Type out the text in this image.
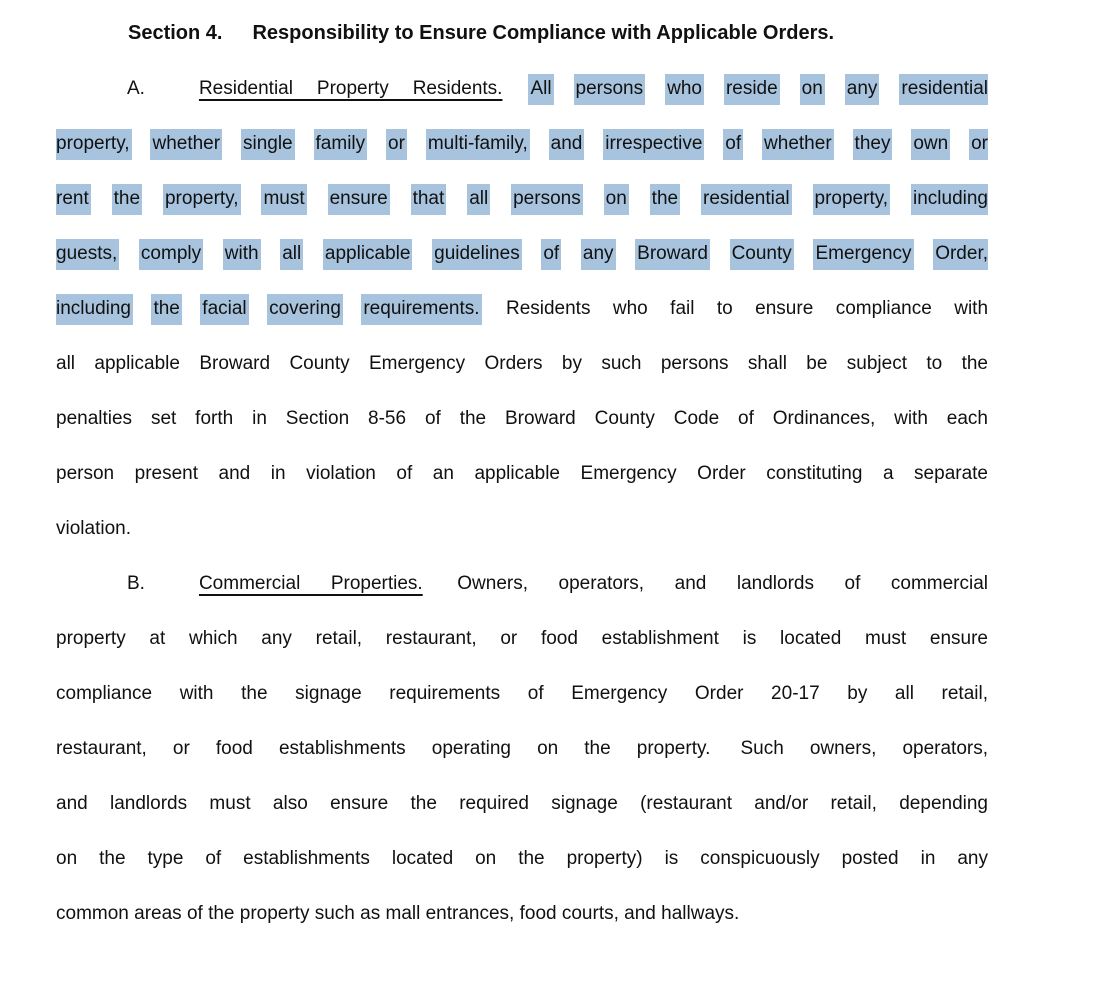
Section 4. Responsibility to Ensure Compliance with Applicable Orders.
A.	Residential Property Residents. All persons who reside on any residential
property, whether single family or multi-family, and irrespective of whether they own or
rent the property, must ensure that all persons on the residential property, including
guests, comply with all applicable guidelines of any Broward County Emergency Order,
including the facial covering requirements. Residents who fail to ensure compliance with
all applicable Broward County Emergency Orders by such persons shall be subject to the
penalties set forth in Section 8-56 of the Broward County Code of Ordinances, with each
person present and in violation of an applicable Emergency Order constituting a separate
violation.
B.	Commercial Properties. Owners, operators, and landlords of commercial
property at which any retail, restaurant, or food establishment is located must ensure
compliance with the signage requirements of Emergency Order 20-17 by all retail,
restaurant, or food establishments operating on the property. Such owners, operators,
and landlords must also ensure the required signage (restaurant and/or retail, depending
on the type of establishments located on the property) is conspicuously posted in any
common areas of the property such as mall entrances, food courts, and hallways.
